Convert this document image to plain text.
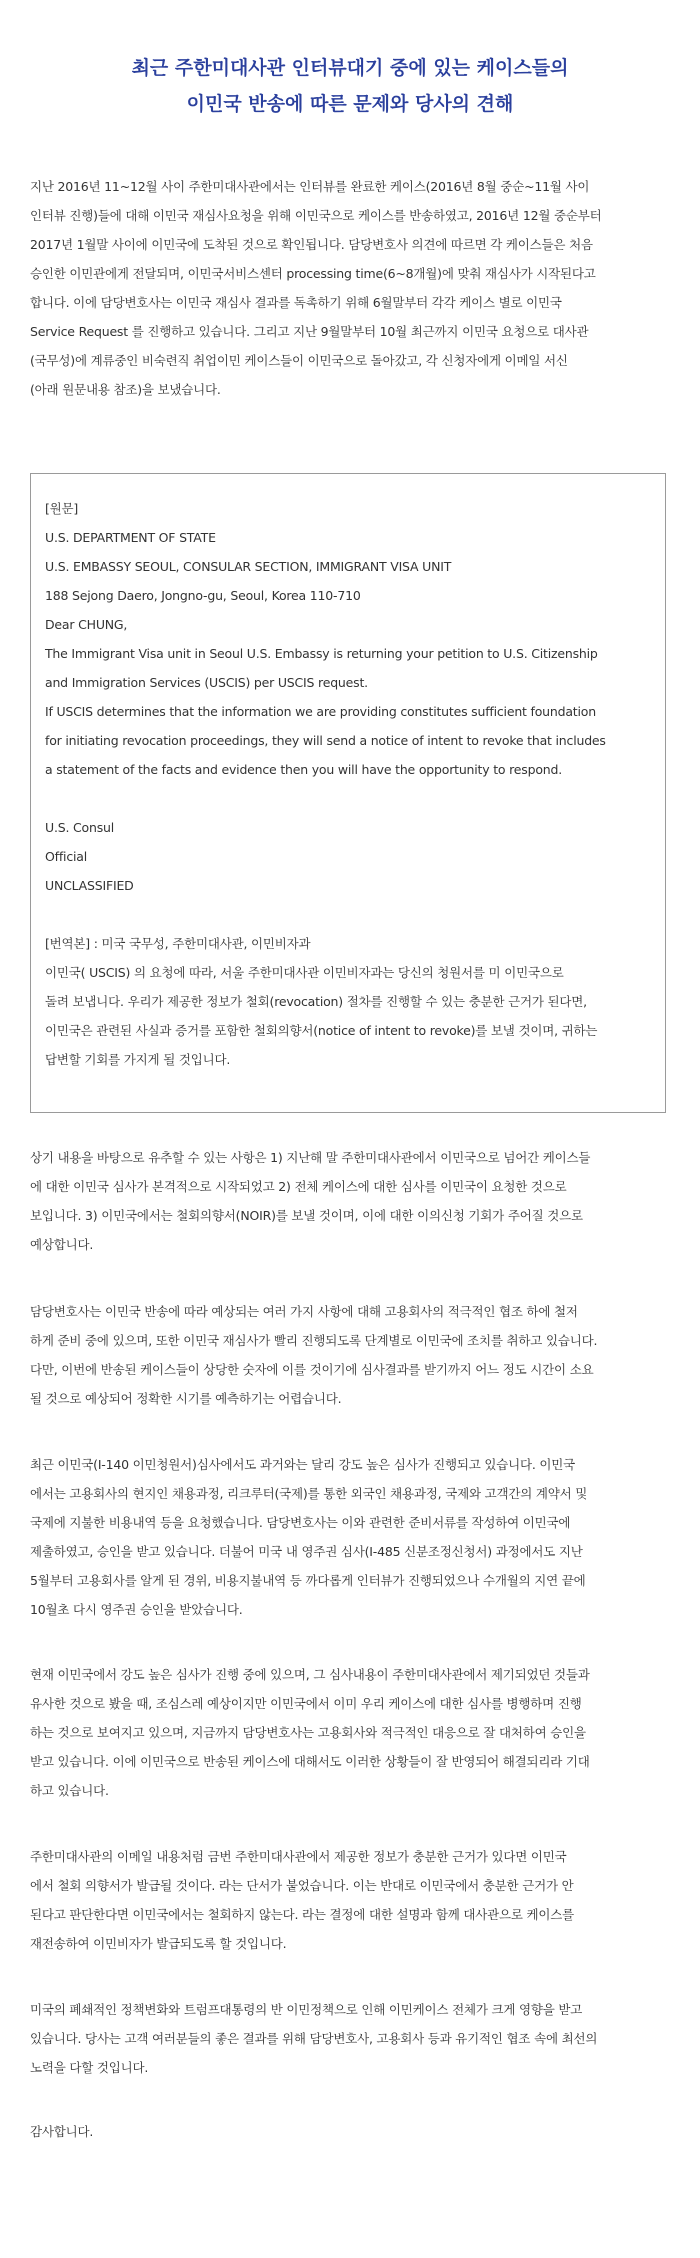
최근 주한미대사관 인터뷰대기 중에 있는 케이스들의
이민국 반송에 따른 문제와 당사의 견해
지난 2016년 11~12월 사이 주한미대사관에서는 인터뷰를 완료한 케이스(2016년 8월 중순~11월 사이
인터뷰 진행)들에 대해 이민국 재심사요청을 위해 이민국으로 케이스를 반송하였고, 2016년 12월 중순부터
2017년 1월말 사이에 이민국에 도착된 것으로 확인됩니다. 담당변호사 의견에 따르면 각 케이스들은 처음
승인한 이민관에게 전달되며, 이민국서비스센터 processing time(6~8개월)에 맞춰 재심사가 시작된다고
합니다. 이에 담당변호사는 이민국 재심사 결과를 독촉하기 위해 6월말부터 각각 케이스 별로 이민국
Service Request 를 진행하고 있습니다. 그리고 지난 9월말부터 10월 최근까지 이민국 요청으로 대사관
(국무성)에 계류중인 비숙련직 취업이민 케이스들이 이민국으로 돌아갔고, 각 신청자에게 이메일 서신
(아래 원문내용 참조)을 보냈습니다.
[원문]
U.S. DEPARTMENT OF STATE
U.S. EMBASSY SEOUL, CONSULAR SECTION, IMMIGRANT VISA UNIT
188 Sejong Daero, Jongno-gu, Seoul, Korea 110-710
Dear CHUNG,
The Immigrant Visa unit in Seoul U.S. Embassy is returning your petition to U.S. Citizenship
and Immigration Services (USCIS) per USCIS request.
If USCIS determines that the information we are providing constitutes sufficient foundation
for initiating revocation proceedings, they will send a notice of intent to revoke that includes
a statement of the facts and evidence then you will have the opportunity to respond.
U.S. Consul
Official
UNCLASSIFIED
[번역본] : 미국 국무성, 주한미대사관, 이민비자과
이민국( USCIS) 의 요청에 따라, 서울 주한미대사관 이민비자과는 당신의 청원서를 미 이민국으로
돌려 보냅니다. 우리가 제공한 정보가 철회(revocation) 절차를 진행할 수 있는 충분한 근거가 된다면,
이민국은 관련된 사실과 증거를 포함한 철회의향서(notice of intent to revoke)를 보낼 것이며, 귀하는
답변할 기회를 가지게 될 것입니다.
상기 내용을 바탕으로 유추할 수 있는 사항은 1) 지난해 말 주한미대사관에서 이민국으로 넘어간 케이스들
에 대한 이민국 심사가 본격적으로 시작되었고 2) 전체 케이스에 대한 심사를 이민국이 요청한 것으로
보입니다. 3) 이민국에서는 철회의향서(NOIR)를 보낼 것이며, 이에 대한 이의신청 기회가 주어질 것으로
예상합니다.
담당변호사는 이민국 반송에 따라 예상되는 여러 가지 사항에 대해 고용회사의 적극적인 협조 하에 철저
하게 준비 중에 있으며, 또한 이민국 재심사가 빨리 진행되도록 단계별로 이민국에 조치를 취하고 있습니다.
다만, 이번에 반송된 케이스들이 상당한 숫자에 이를 것이기에 심사결과를 받기까지 어느 정도 시간이 소요
될 것으로 예상되어 정확한 시기를 예측하기는 어렵습니다.
최근 이민국(I-140 이민청원서)심사에서도 과거와는 달리 강도 높은 심사가 진행되고 있습니다. 이민국
에서는 고용회사의 현지인 채용과정, 리크루터(국제)를 통한 외국인 채용과정, 국제와 고객간의 계약서 및
국제에 지불한 비용내역 등을 요청했습니다. 담당변호사는 이와 관련한 준비서류를 작성하여 이민국에
제출하였고, 승인을 받고 있습니다. 더불어 미국 내 영주권 심사(I-485 신분조정신청서) 과정에서도 지난
5월부터 고용회사를 알게 된 경위, 비용지불내역 등 까다롭게 인터뷰가 진행되었으나 수개월의 지연 끝에
10월초 다시 영주권 승인을 받았습니다.
현재 이민국에서 강도 높은 심사가 진행 중에 있으며, 그 심사내용이 주한미대사관에서 제기되었던 것들과
유사한 것으로 봤을 때, 조심스레 예상이지만 이민국에서 이미 우리 케이스에 대한 심사를 병행하며 진행
하는 것으로 보여지고 있으며, 지금까지 담당변호사는 고용회사와 적극적인 대응으로 잘 대처하여 승인을
받고 있습니다. 이에 이민국으로 반송된 케이스에 대해서도 이러한 상황들이 잘 반영되어 해결되리라 기대
하고 있습니다.
주한미대사관의 이메일 내용처럼 금번 주한미대사관에서 제공한 정보가 충분한 근거가 있다면 이민국
에서 철회 의향서가 발급될 것이다. 라는 단서가 붙었습니다. 이는 반대로 이민국에서 충분한 근거가 안
된다고 판단한다면 이민국에서는 철회하지 않는다. 라는 결정에 대한 설명과 함께 대사관으로 케이스를
재전송하여 이민비자가 발급되도록 할 것입니다.
미국의 폐쇄적인 정책변화와 트럼프대통령의 반 이민정책으로 인해 이민케이스 전체가 크게 영향을 받고
있습니다. 당사는 고객 여러분들의 좋은 결과를 위해 담당변호사, 고용회사 등과 유기적인 협조 속에 최선의
노력을 다할 것입니다.
감사합니다.
